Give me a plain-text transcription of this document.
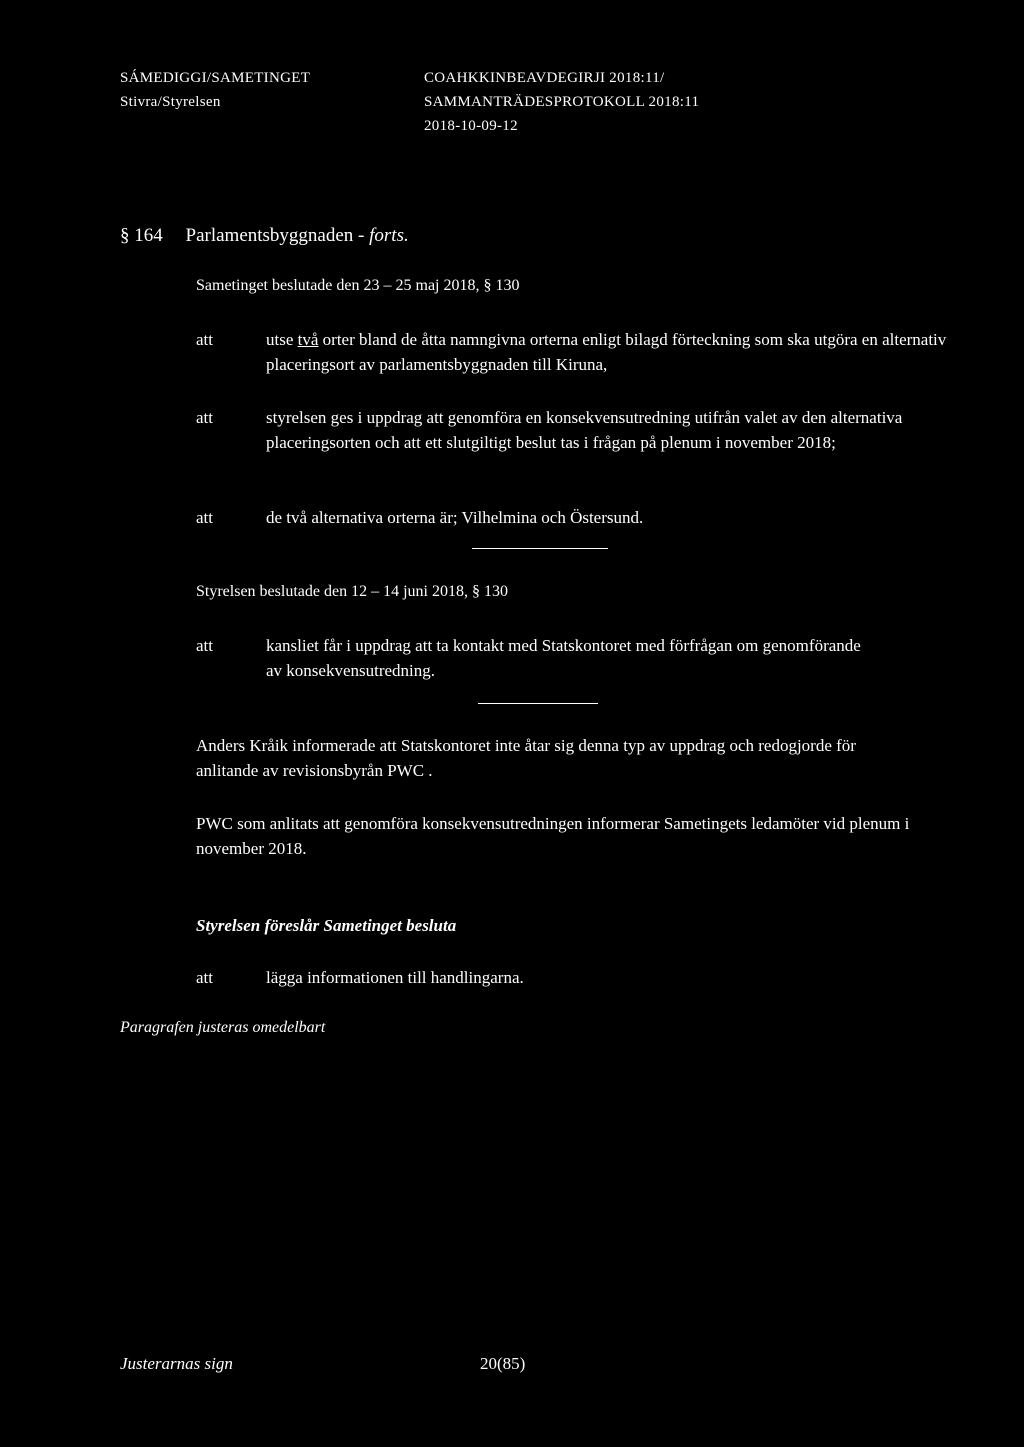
SÁMEDIGGI/SAMETINGET
Stivra/Styrelsen
COAHKKINBEAVDEGIRJI 2018:11/
SAMMANTRÄDESPROTOKOLL 2018:11
2018-10-09-12
§ 164 Parlamentsbyggnaden - forts.
Sametinget beslutade den 23 – 25 maj 2018, § 130
att	utse två orter bland de åtta namngivna orterna enligt bilagd förteckning som ska utgöra en alternativ placeringsort av parlamentsbyggnaden till Kiruna,
att	styrelsen ges i uppdrag att genomföra en konsekvensutredning utifrån valet av den alternativa placeringsorten och att ett slutgiltigt beslut tas i frågan på plenum i november 2018;
att	de två alternativa orterna är; Vilhelmina och Östersund.
Styrelsen beslutade den 12 – 14 juni 2018, § 130
att	kansliet får i uppdrag att ta kontakt med Statskontoret med förfrågan om genomförande av konsekvensutredning.
Anders Kråik informerade att Statskontoret inte åtar sig denna typ av uppdrag och redogjorde för anlitande av revisionsbyrån PWC .
PWC som anlitats att genomföra konsekvensutredningen informerar Sametingets ledamöter vid plenum i november 2018.
Styrelsen föreslår Sametinget besluta
att	lägga informationen till handlingarna.
Paragrafen justeras omedelbart
Justerarnas sign	20(85)
